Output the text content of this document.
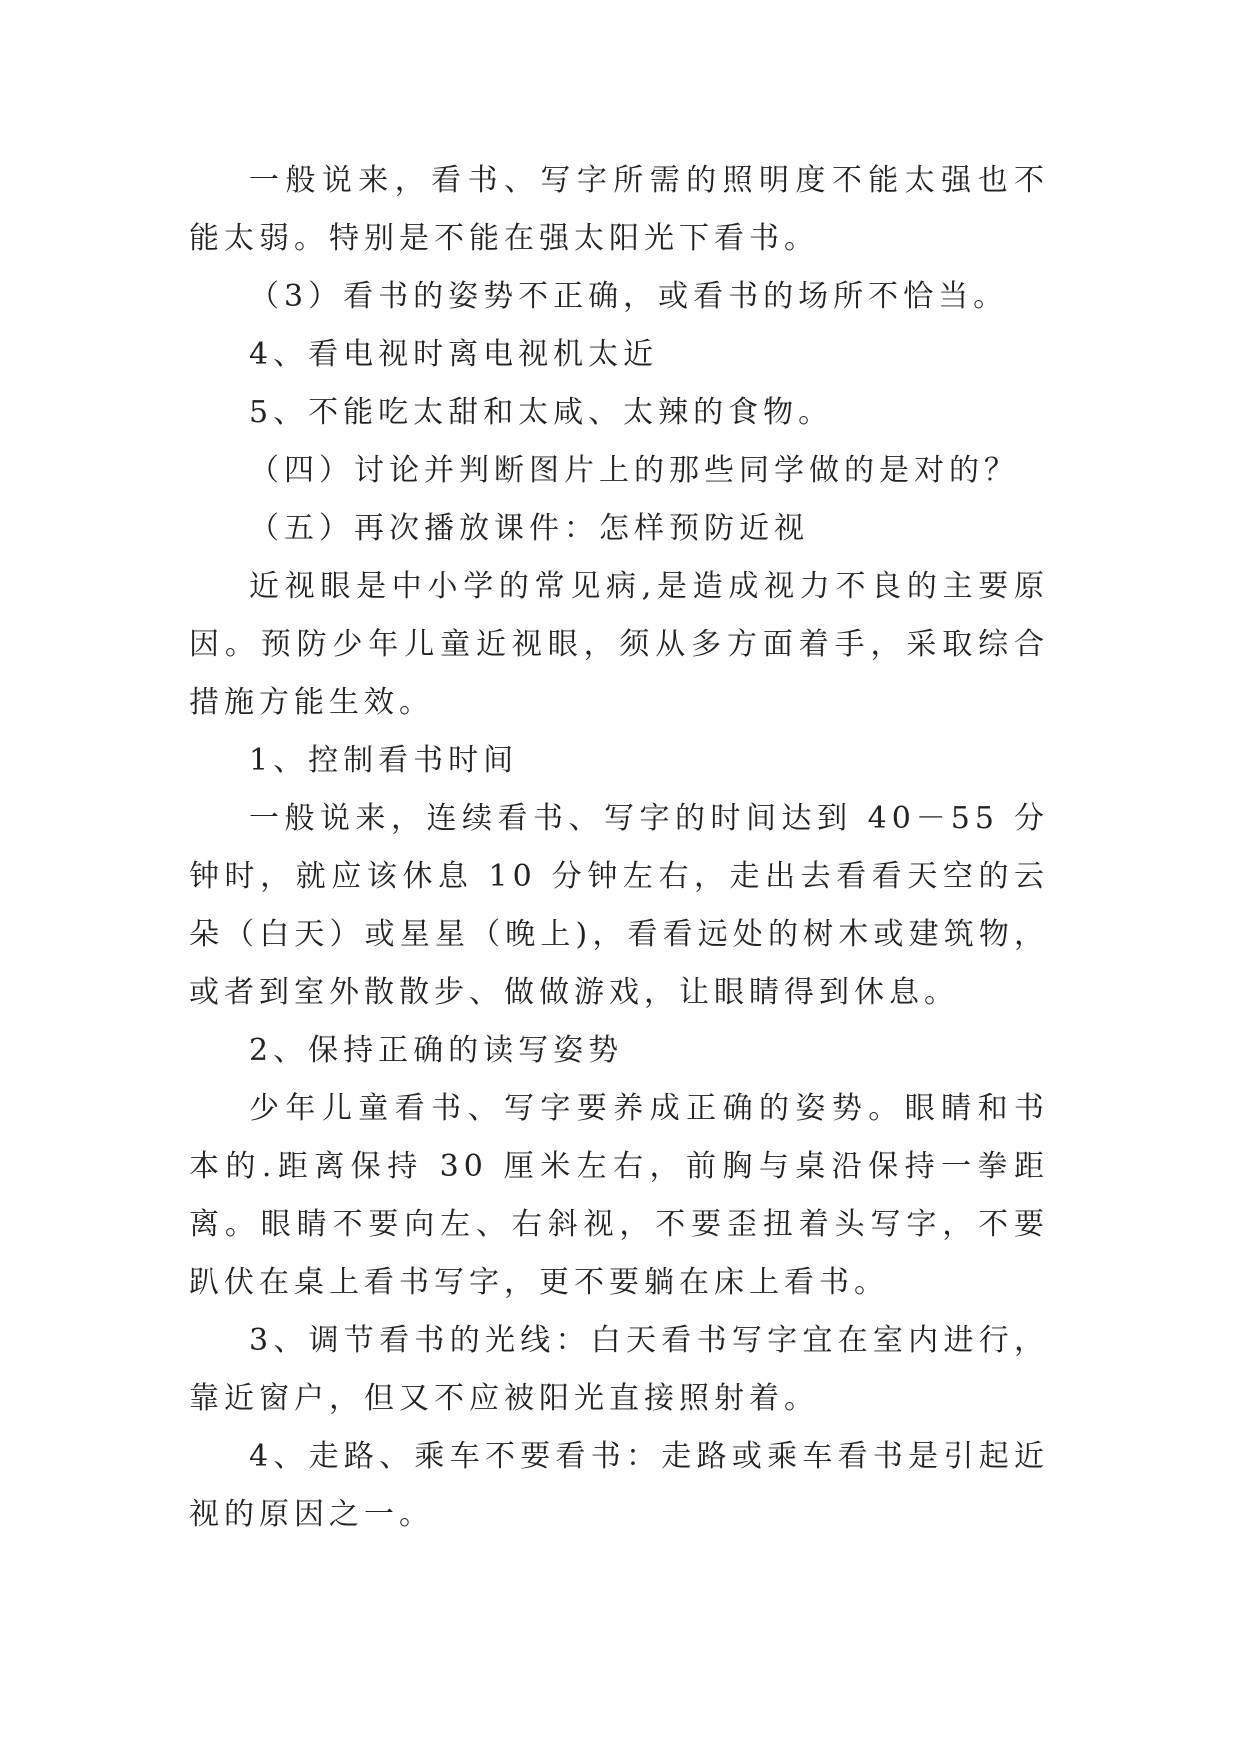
一般说来，看书、写字所需的照明度不能太强也不能太弱。特别是不能在强太阳光下看书。

（3）看书的姿势不正确，或看书的场所不恰当。

4、看电视时离电视机太近

5、不能吃太甜和太咸、太辣的食物。

（四）讨论并判断图片上的那些同学做的是对的？

（五）再次播放课件：怎样预防近视

近视眼是中小学的常见病,是造成视力不良的主要原因。预防少年儿童近视眼，须从多方面着手，采取综合措施方能生效。

1、控制看书时间

一般说来，连续看书、写字的时间达到 40－55 分钟时，就应该休息 10 分钟左右，走出去看看天空的云朵（白天）或星星（晚上)，看看远处的树木或建筑物，或者到室外散散步、做做游戏，让眼睛得到休息。

2、保持正确的读写姿势

少年儿童看书、写字要养成正确的姿势。眼睛和书本的.距离保持 30 厘米左右，前胸与桌沿保持一拳距离。眼睛不要向左、右斜视，不要歪扭着头写字，不要趴伏在桌上看书写字，更不要躺在床上看书。

3、调节看书的光线：白天看书写字宜在室内进行，靠近窗户，但又不应被阳光直接照射着。

4、走路、乘车不要看书：走路或乘车看书是引起近视的原因之一。
